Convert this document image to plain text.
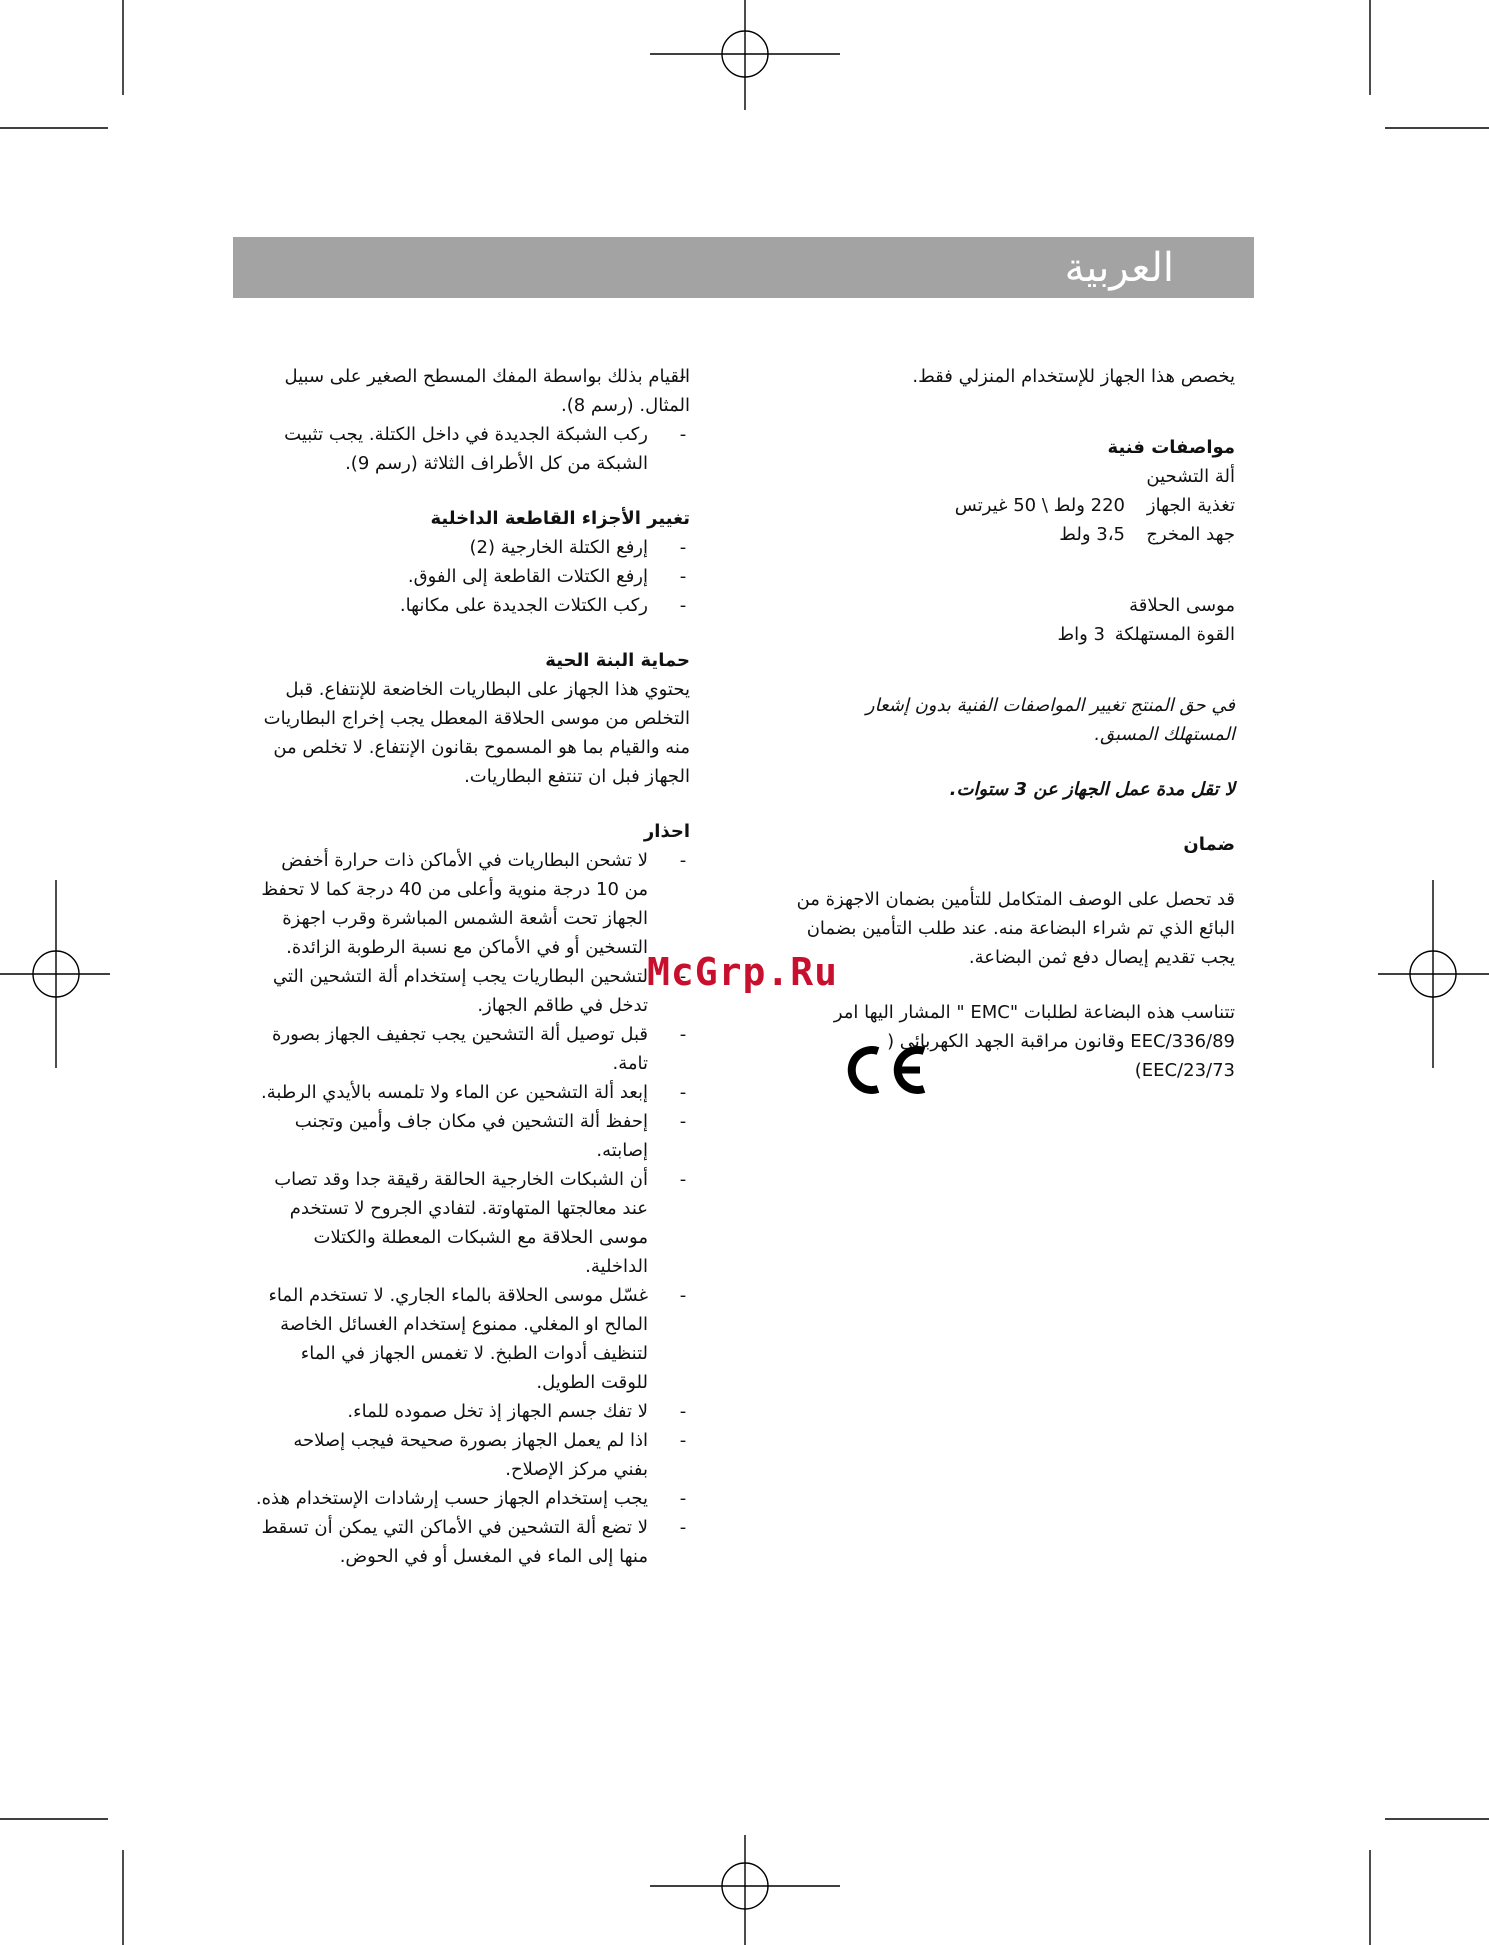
العربية

يخصص هذا الجهاز للإستخدام المنزلي فقط.

مواصفات فنية

ألة التشحين

تغذية الجهاز
220 ولط \ 50 غيرتس
جهد المخرج
3،5 ولط

موسى الحلاقة

القوة المستهلكة
3 واط

في حق المنتج تغيير المواصفات الفنية بدون إشعار المستهلك المسبق.

لا تقل مدة عمل الجهاز عن 3 ستوات.

ضمان

قد تحصل على الوصف المتكامل للتأمين بضمان الاجهزة من البائع الذي تم شراء البضاعة منه. عند طلب التأمين بضمان يجب تقديم إيصال دفع ثمن البضاعة.

تتناسب هذه البضاعة لطلبات "EMC " المشار اليها امر EEC/336/89 وقانون مراقبة الجهد الكهربائي ( EEC/23/73)

- القيام بذلك بواسطة المفك المسطح الصغير على سبيل المثال. (رسم 8).
- ركب الشبكة الجديدة في داخل الكتلة. يجب تثبيت الشبكة من كل الأطراف الثلاثة (رسم 9).

تغيير الأجزاء القاطعة الداخلية

- إرفع الكتلة الخارجية (2)
- إرفع الكتلات القاطعة إلى الفوق.
- ركب الكتلات الجديدة على مكانها.

حماية البنة الحية

يحتوي هذا الجهاز على البطاريات الخاضعة للإنتفاع. قبل التخلص من موسى الحلاقة المعطل يجب إخراج البطاريات منه والقيام بما هو المسموح بقانون الإنتفاع. لا تخلص من الجهاز فبل ان تنتفع البطاريات.

احذار

- لا تشحن البطاريات في الأماكن ذات حرارة أخفض من 10 درجة منوية وأعلى من 40 درجة كما لا تحفظ الجهاز تحت أشعة الشمس المباشرة وقرب اجهزة التسخين أو في الأماكن مع نسبة الرطوبة الزائدة.
- لتشحين البطاريات يجب إستخدام ألة التشحين التي تدخل في طاقم الجهاز.
- قبل توصيل ألة التشحين يجب تجفيف الجهاز بصورة تامة.
- إبعد ألة التشحين عن الماء ولا تلمسه بالأيدي الرطبة.
- إحفظ ألة التشحين في مكان جاف وأمين وتجنب إصابته.
- أن الشبكات الخارجية الحالقة رقيقة جدا وقد تصاب عند معالجتها المتهاوتة. لتفادي الجروح لا تستخدم موسى الحلاقة مع الشبكات المعطلة والكتلات الداخلية.
- غسّل موسى الحلاقة بالماء الجاري. لا تستخدم الماء المالح او المغلي. ممنوع إستخدام الغسائل الخاصة لتنظيف أدوات الطبخ. لا تغمس الجهاز في الماء للوقت الطويل.
- لا تفك جسم الجهاز إذ تخل صموده للماء.
- اذا لم يعمل الجهاز بصورة صحيحة فيجب إصلاحه بفني مركز الإصلاح.
- يجب إستخدام الجهاز حسب إرشادات الإستخدام هذه.
- لا تضع ألة التشحين في الأماكن التي يمكن أن تسقط منها إلى الماء في المغسل أو في الحوض.
McGrp.Ru
